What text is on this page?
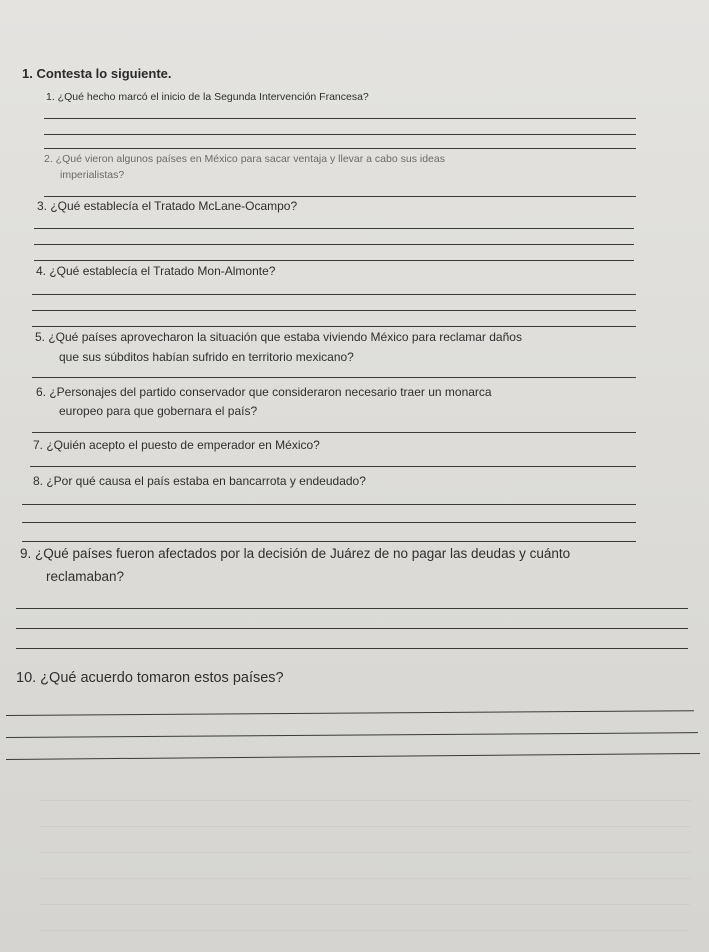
1. Contesta lo siguiente.
1. ¿Qué hecho marcó el inicio de la Segunda Intervención Francesa?
2. ¿Qué vieron algunos países en México para sacar ventaja y llevar a cabo sus ideas
imperialistas?
3. ¿Qué establecía el Tratado McLane-Ocampo?
4. ¿Qué establecía el Tratado Mon-Almonte?
5. ¿Qué países aprovecharon la situación que estaba viviendo México para reclamar daños
que sus súbditos habían sufrido en territorio mexicano?
6. ¿Personajes del partido conservador que consideraron necesario traer un monarca
europeo para que gobernara el país?
7. ¿Quién acepto el puesto de emperador en México?
8. ¿Por qué causa el país estaba en bancarrota y endeudado?
9. ¿Qué países fueron afectados por la decisión de Juárez de no pagar las deudas y cuánto
reclamaban?
10. ¿Qué acuerdo tomaron estos países?
